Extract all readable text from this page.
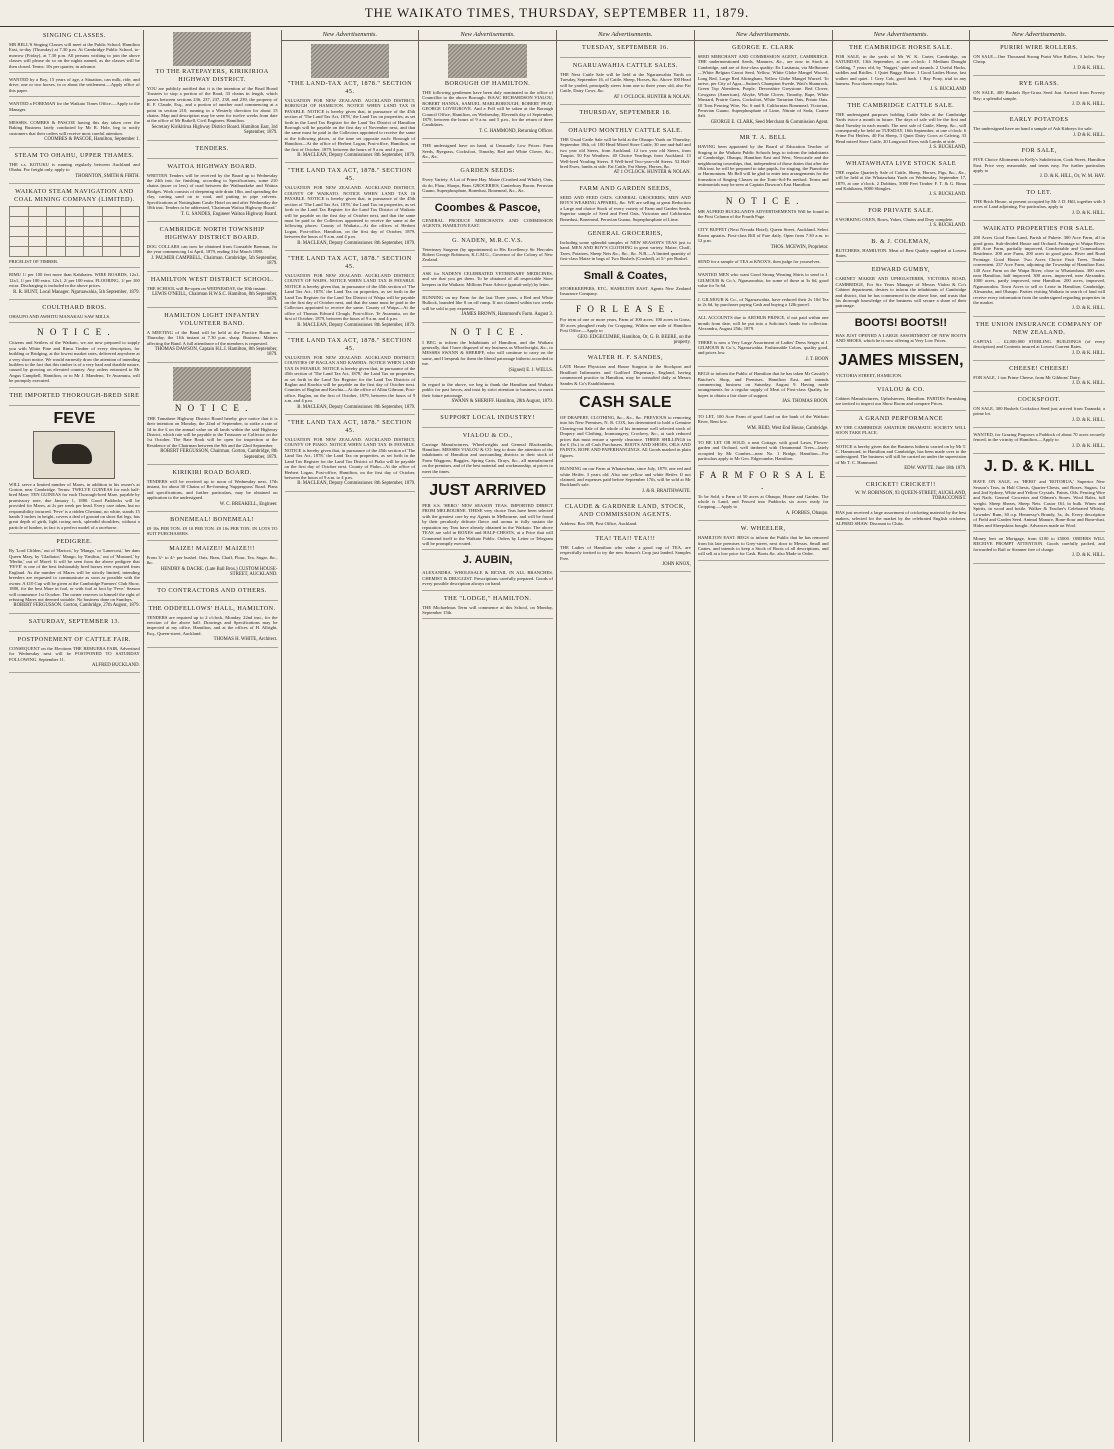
THE WAIKATO TIMES, THURSDAY, SEPTEMBER 11, 1879.
SINGING CLASSES.

MR BELL'S Singing Classes will meet at the Public School, Hamilton East, to-day (Thursday) at 7.30 p.m. At Cambridge Public School, to-morrow (Friday), at 7.30 p.m. All persons wishing to join the above classes will please do so on the nights named, as the classes will be then closed. Terms: 10s per quarter, in advance.

WANTED by a Boy, 15 years of age, a Situation, can milk, ride, and drive, one or two horses, in or about the settlement.—Apply office of this paper.

WANTED a FOREMAN for the Waikato Times Office.—Apply to the Manager.

MESSRS. COMBES & PASCOE having this day taken over the Baking Business lately conducted by Mr R. Hole, beg to notify customers that their orders will receive most careful attention.

COOMBES & PASCOE, Hamilton, September 1.

STEAM TO OHAHU, UPPER THAMES.

THE s.s. KOTUKU is running regularly between Auckland and Ohahu. For freight only, apply to

THORNTON, SMITH & FIRTH.

WAIKATO STEAM NAVIGATION AND COAL MINING COMPANY (LIMITED).

PRICELIST OF TIMBER.

RIMU 1/ per 100 feet more than Kahikatea. WIRE BOARDS, 12x1, 12x1, 1/ per 100 extra. 12x1, 2/ per 100 extra. FLOORING, 1/ per 100 extra. Discharging is included in the above prices.

R. R. HUNT, Local Manager. Ngaruawahia, 5th September, 1879.

COULTHARD BROS.

OHAUPO AND AWHITU MANAKAU SAW MILLS.

N O T I C E .

Citizens and Settlers of the Waikato, we are now prepared to supply you with White Pine and Rimu Timber of every description, for building or Bridging, at the lowest market rates, delivered anywhere at a very short notice. We would earnestly draw the attention of intending builders to the fact that this timber is of a very hard and durable nature, caused by growing on elevated country. Any orders entrusted to Mr Angus Campbell, Hamilton, or to Mr J. Mandeno, Te Awamutu, will be promptly executed.

THE IMPORTED THOROUGH-BRED SIRE
FEVE

WILL serve a limited number of Mares, in addition to his owner's at Gorton, near Cambridge. Terms: TWELVE GUINEAS for each half-bred Mare; TEN GUINEAS for each Thorough-bred Mare, payable by promissory note, due January 1, 1880. Good Paddocks will be provided for Mares, at 2s per week per head. Every care taken, but no responsibility incurred. 'Feve' is a ridden Chestnut, no white, stands 15 hands 3 inches in height, covers a deal of ground on short flat legs, has great depth of girth, light racing neck, splendid shoulders, without a particle of lumber, in fact is a perfect model of a racehorse.

PEDIGREE.

By 'Lord Clifden,' out of 'Haricot,' by 'Mango,' or 'Lanercost,' her dam Queen Mary, by 'Gladiator;' Mango, by 'Emilius,' out of 'Mustard,' by 'Merlin,' out of Morel. It will be seen from the above pedigree that 'FEVE' is one of the best fashionably bred horses ever exported from England. As the number of Mares will be strictly limited, intending breeders are requested to communicate as soon as possible with the owner. A £10 Cup will be given at the Cambridge Farmers' Club Show, 1880, for the best Mare in foal, or with foal at foot by 'Feve.' Season will commence 1st October. The owner reserves to himself the right of refusing Mares not deemed suitable. No business done on Sundays.

ROBERT FERGUSSON. Gorton, Cambridge, 27th August, 1879.

SATURDAY, SEPTEMBER 13.
POSTPONEMENT OF CATTLE FAIR.

CONSEQUENT on the Elections THE REMUERA FAIR, Advertised for Wednesday next will be POSTPONED TO SATURDAY FOLLOWING. September 11.

ALFRED BUCKLAND.

TO THE RATEPAYERS, KIRIKIRIOA HIGHWAY DISTRICT.

YOU are publicly notified that it is the intention of the Road Board Trustees to stop a portion of the Road, 33 chains in length, which passes between sections 236, 237, 237, 238, and 239, the property of R. F. Claude, Esq., and a portion of another road commencing at a point in section 210, running in a Westerly direction for about 15 chains. Map and description may be seen for twelve weeks from date at the office of Mr Brakell, Civil Engineer, Hamilton.

Secretary Kirikiriroa Highway District Board. Hamilton East, 3rd September, 1879.

TENDERS.
WAITOA HIGHWAY BOARD.

WRITTEN Tenders will be received by the Board up to Wednesday the 24th inst. for finishing, according to Specifications, some 210 chains (more or less) of road between the Waiharakeke and Waitoa Bridges. Work consists of deepening side drain 18in. and spreading the clay, carting sand on to road, and putting in pipe culverts. Specifications at Nottingham Castle Hotel on and after Wednesday the 10th inst. Tenders to be addressed, 'Chairman Waitoa Highway Board.'

T. G. SANDES, Engineer Waitoa Highway Board.

CAMBRIDGE NORTH TOWNSHIP HIGHWAY DISTRICT BOARD.

DOG COLLARS can now be obtained from Constable Brennan, for the year commencing 1st April, 1879, ending 31st March 1880.

J. PALMER CAMPBELL, Chairman. Cambridge, 5th September, 1879.

HAMILTON WEST DISTRICT SCHOOL.

THE SCHOOL will Re-open on WEDNESDAY, the 10th instant.

LEWIS O'NEILL, Chairman H.W.S.C. Hamilton, 8th September, 1879.

HAMILTON LIGHT INFANTRY VOLUNTEER BAND.

A MEETING of the Band will be held at the Practice Room on Thursday, the 11th instant at 7.30 p.m. sharp. Business: Matters affecting the Band. A full attendance of the members is requested.

THOMAS DAWSON, Captain H.L.I. Hamilton, 8th September, 1879.

N O T I C E .

THE Tamahere Highway District Board hereby give notice that it is their intention on Monday, the 22nd of September, to strike a rate of 1d in the £ on the annual value on all lands within the said Highway District, which rate will be payable to the Treasurer or Collector on the 1st October. The Rate Book will be open for inspection at the Residence of the Chairman between the 9th and the 22nd September.

ROBERT FERGUSSON, Chairman. Gorton, Cambridge, 8th September, 1879.

KIRIKIRI ROAD BOARD.

TENDERS will be received up to noon of Wednesday next, 17th instant, for about 30 Chains of Re-forming 'Suppergrass' Road. Plans and specifications, and further particulars, may be obtained on application to the undersigned.

W. C. BREAKELL, Engineer.

BONEMEAL! BONEMEAL!

£9 10s PER TON. £9 10 PER TON. £9 10s PER TON. IN LOTS TO SUIT PURCHASERS.

MAIZE! MAIZE!! MAIZE!!!

From 3/- to 4/- per bushel. Oats, Bran, Chaff, Flour, Tea, Sugar, &c., &c.

HENDRY & DACRE. (Late Ball Bros.) CUSTOM HOUSE-STREET, AUCKLAND.

TO CONTRACTORS AND OTHERS.
THE ODDFELLOWS' HALL, HAMILTON.

TENDERS are required up to 2 o'clock, Monday, 22nd inst., for the erection of the above hall. Drawings and Specifications may be inspected at my office, Hamilton, and at the offices of H. Allright, Esq., Queen-street, Auckland.

THOMAS H. WHITE, Architect.

New Advertisements.
"THE LAND-TAX ACT, 1878." SECTION 45.

VALUATION FOR NEW ZEALAND. AUCKLAND DISTRICT, BOROUGH OF HAMILTON. NOTICE WHEN LAND TAX IS PAYABLE. NOTICE is hereby given that, in pursuance of the 45th section of 'The Land Tax Act, 1878,' the Land Tax on properties, as set forth in the Land Tax Register for the Land Tax District of Hamilton Borough will be payable on the first day of November next, and that the same must be paid to the Collectors appointed to receive the same at the following places, at the time set opposite each: Borough of Hamilton—At the office of Herbert Logan, Post-office, Hamilton, on the first of October, 1879, between the hours of 9 a.m. and 4 p.m.

B. MACLEAN, Deputy Commissioner. 8th September, 1879.

"THE LAND TAX ACT, 1878." SECTION 45.

VALUATION FOR NEW ZEALAND. AUCKLAND DISTRICT, COUNTY OF WAIKATO. NOTICE WHEN LAND TAX IS PAYABLE. NOTICE is hereby given that, in pursuance of the 45th section of 'The Land Tax Act, 1878,' the Land Tax on properties, as set forth in the Land Tax Register for the Land Tax District of Waikato will be payable on the first day of October next, and that the same must be paid to the Collectors appointed to receive the same at the following places: County of Waikato—At the offices of Herbert Logan, Post-office, Hamilton, on the first day of October, 1879, between the hours of 9 a.m. and 4 p.m.

B. MACLEAN, Deputy Commissioner. 8th September, 1879.

"THE LAND TAX ACT, 1878." SECTION 45.

VALUATION FOR NEW ZEALAND. AUCKLAND DISTRICT, COUNTY OF WAIPA. NOTICE WHEN LAND TAX IS PAYABLE. NOTICE is hereby given that, in pursuance of the 45th section of 'The Land Tax Act, 1878,' the Land Tax on properties, as set forth in the Land Tax Register for the Land Tax District of Waipa will be payable on the first day of October next, and that the same must be paid to the Collectors appointed to receive the same. County of Waipa—At the office of Thomas Edward Clough, Post-office, Te Awamutu, on the first of October, 1879, between the hours of 9 a.m. and 4 p.m.

B. MACLEAN, Deputy Commissioner. 8th September, 1879.

"THE LAND TAX ACT, 1878." SECTION 45.

VALUATION FOR NEW ZEALAND. AUCKLAND DISTRICT, COUNTIES OF RAGLAN AND KAWHIA. NOTICE WHEN LAND TAX IS PAYABLE. NOTICE is hereby given that, in pursuance of the 45th section of 'The Land Tax Act, 1878,' the Land Tax on properties, as set forth in the Land Tax Register for the Land Tax Districts of Raglan and Kawhia will be payable on the first day of October next. Counties of Raglan and Kawhia—At the office of Allan Gilmour, Post-office, Raglan, on the first of October, 1879, between the hours of 9 a.m. and 4 p.m.

B. MACLEAN, Deputy Commissioner. 8th September, 1879.

"THE LAND TAX ACT, 1878." SECTION 45.

VALUATION FOR NEW ZEALAND. AUCKLAND DISTRICT, COUNTY OF PIAKO. NOTICE WHEN LAND TAX IS PAYABLE. NOTICE is hereby given that, in pursuance of the 45th section of 'The Land Tax Act, 1878,' the Land Tax on properties, as set forth in the Land Tax Register for the Land Tax District of Piako will be payable on the first day of October next. County of Piako—At the office of Herbert Logan, Post-office, Hamilton, on the first day of October, between the hours of 9 a.m. to 4 p.m.

B. MACLEAN, Deputy Commissioner. 8th September, 1879.

New Advertisements.
BOROUGH OF HAMILTON.

THE following gentlemen have been duly nominated to the office of Councillor to the above Borough: ISAAC RICHARDSON VIALOU, ROBERT HANNA, SAMUEL MARLBOROUGH, ROBERT PEAT, GEORGE LOVEGROVE. And a Poll will be taken at the Borough Council Office, Hamilton, on Wednesday, Eleventh day of September, 1879, between the hours of 9 a.m. and 5 p.m., for the return of three Candidates.

T. C. HAMMOND, Returning Officer.

THE undersigned have on hand, at Unusually Low Prices: Farm Seeds, Ryegrass, Cocksfoot, Timothy, Red and White Clover, &c., &c., &c.

GARDEN SEEDS:

Every Variety. A Lot of Prime Hay. Maize (Crushed and Whole), Oats, do do, Flour, Sharps, Bran. GROCERIES, Canterbury Bacon. Peruvian Guano, Superphosphate, Bonedust, Bonemeal, &c., &c.

Coombes & Pascoe,

GENERAL PRODUCE MERCHANTS AND COMMISSION AGENTS, HAMILTON EAST.

G. NADEN, M.R.C.V.S.

Veterinary Surgeon (by appointment) to His Excellency Sir Hercules Robert George Robinson, K.C.M.G., Governor of the Colony of New Zealand.

ASK for NADEN'S CELEBRATED VETERINARY MEDICINES, and see that you get them. To be obtained of all respectable Store keepers in the Waikato. Millions Prize Advice (gratuit-only) by letter.

RUNNING on my Farm for the last Three years, a Red and White Bullock, branded like 8 on off rump. If not claimed within two weeks will be sold to pay expenses.

JAMES BROWN, Hammond's Farm. August 3.

N O T I C E .

I BEG to inform the Inhabitants of Hamilton, and the Waikato generally, that I have disposed of my business as Wheelwright, &c., to MESSRS SWANN & SHERIFF, who will continue to carry on the same, and I bespeak for them the liberal patronage hitherto accorded to me.

(Signed) E. J. WELLS.

In regard to the above, we beg to thank the Hamilton and Waikato public for past favors, and trust by strict attention to business, to merit their future patronage.

SWANN & SHERIFF. Hamilton, 28th August, 1879.

SUPPORT LOCAL INDUSTRY!
VIALOU & CO.,

Carriage Manufacturers, Wheelwrights and General Blacksmiths, Hamilton. MESSRS VIALOU & CO. beg to draw the attention of the inhabitants of Hamilton and surrounding districts to their stock of Farm Waggons, Buggies, Spring Carts, Drays, &c., all manufactured on the premises, and of the best material and workmanship, at prices to meet the times.

JUST ARRIVED

PER S.S. 'HERO.' NEW SEASON TEAS. IMPORTED DIRECT FROM MELBOURNE. THESE very choice Teas have been selected with the greatest care by my Agents in Melbourne, and will be found by their peculiarly delicate flavor and aroma to fully sustain the reputation my Teas have already obtained in the Waikato. The above TEAS are sold in BOXES and HALF-CHESTS, at a Price that will Commend itself to the Waikato Public. Orders by Letter or Telegram will be promptly executed.

J. AUBIN,

ALEXANDRA. WHOLESALE & RETAIL IN ALL BRANCHES. CHEMIST & DRUGGIST. Prescriptions carefully prepared. Goods of every possible description always on hand.

THE "LODGE," HAMILTON.

THE Michaelmas Term will commence at this School, on Monday, September 15th.

New Advertisements.
TUESDAY, SEPTEMBER 16.
NGARUAWAHIA CATTLE SALES.

THE Next Cattle Sale will be held at the Ngaruawahia Yards on Tuesday, September 16, of Cattle, Sheep, Horses, &c. Above 100 Head will be yarded, principally steers from one to three years old, also Fat Cattle, Dairy Cows, &c.

AT 1 O'CLOCK. HUNTER & NOLAN.

THURSDAY, SEPTEMBER 18.
OHAUPO MONTHLY CATTLE SALE.

THE Usual Cattle Sale will be held at the Ohaupo Yards on Thursday, September 18th, of: 100 Head Mixed Store Cattle, 30 one and-half and two year old Steers, from Auckland. 12 two year old Steers, from Tuupiri. 50 Fat Weathers. 40 Choice Yearlings from Auckland. 13 Well-bred Yearling Steers. 8 Well-bred Two-year-old Steers. 52 Half-bred Ewes, lambs at side. Fat Cattle, Fat Sheep, Horses, &c.

AT 1 O'CLOCK. HUNTER & NOLAN.

FARM AND GARDEN SEEDS,

SEED AND FEED OATS. GENERAL GROCERIES, MEN AND BOY'S WEARING APPAREL, &c. WE are selling at great Reduction a Large and choice Stock of every variety of Farm and Garden Seeds. Superior sample of Seed and Feed Oats, Victorian and Californian Bonedust, Bonemeal, Peruvian Guano, Superphosphate of Lime.

GENERAL GROCERIES,

Including some splendid samples of NEW SEASON'S TEAS just to hand. MEN AND BOY'S CLOTHING in great variety. Maize, Chaff, Tares, Potatoes, Sheep Nets &c., &c., &c. N.B.—A limited quantity of first-class Maize in bags of Two Bushels (Crushed), at 5/- per Bushel.

Small & Coates,

STOREKEEPERS, ETC., HAMILTON EAST. Agents New Zealand Insurance Company.

F O R L E A S E .

For term of one or more years, Farm of 300 acres. 100 acres in Grass, 30 acres ploughed ready for Cropping. Within one mile of Hamilton Post Office.—Apply to

GEO. EDGECUMBE, Hamilton, Or, G. B. BEERE, on the property.

WALTER H. F. SANDES,

LATE House Physician and House Surgeon to the Stockport and Bradford Infirmaries and Guilford Dispensary, England, having commenced practice in Hamilton, may be consulted daily at Messrs Sandes & Co's Establishment.

CASH SALE

OF DRAPERY, CLOTHING, &c., &c., &c. PREVIOUS to removing into his New Premises, N. R. COX, has determined to hold a Genuine Clearing-out Sale of the whole of his immense well selected stock of Drapery and Clothing, Ironmongery, Crockery, &c., at such reduced prices that must ensure a speedy clearance. THREE SHILLINGS in the £ (3s.) to all Cash Purchasers. BOOTS AND SHOES, OILS AND PAINTS, ROPE AND PAPERHANGINGS. All Goods marked in plain figures.

RUNNING on our Farm at Whatawhata, since July, 1879, one red and white Heifer, 3 years old. Also one yellow and white Heifer. If not claimed, and expenses paid before September 17th, will be sold at Mr Buckland's sale.

J. & R. BRAITHWAITE.

CLAUDE & GARDNER LAND, STOCK, AND COMMISSION AGENTS.

Address: Box 399, Post Office, Auckland.

TEA! TEA!! TEA!!!

THE Ladies of Hamilton who value a good cup of TEA, are respectfully invited to try the new Season's Crop just landed. Samples Free.

JOHN KNOX,

New Advertisements.
GEORGE E. CLARK

SEED MERCHANT AND COMMISSION AGENT, CAMBRIDGE. THE undermentioned Seeds, Manures, &c., are now in Stock at Cambridge, and are of first-class quality: Ex Lusitania, via Melbourne—White Belgian Carrot Seed, Yellow, White Globe Mangel Wurzel, Long Red, Large Red Altringham, Yellow Globe Mangel Wurzel. To arrive, per City of Agra—Sutton's Champion Swede, Watt's Shamrock, Green Top Aberdeen, Purple, Devonshire Greystone. Red Clover, Cowgrass (American), Alsyke, White Clover, Timothy, Rape, White Mustard, Prairie Grass, Cocksfoot, White Tartarian Oats, Potato Oats. 10 Tons Fencing Wire, No. 6 and 8. Californian Bonemeal, Victorian, Peruvian Guano, Superphosphate of Lime, Nitrate of Soda, Coarse Salt.

GEORGE E. CLARK, Seed Merchant & Commission Agent.

MR T. A. BELL

HAVING been appointed by the Board of Education Teacher of Singing to the Waikato Public Schools begs to inform the inhabitants of Cambridge, Ohaupo, Hamilton East and West, Newcastle and the neighbouring townships, that, independent of those duties that after the 18th inst. he will be prepared to take pupils, for singing, the Pianoforte or Harmonium. Mr Bell will be glad to enter into arrangements for the formation of Singing Classes on the Tonic-Sol-Fa method. Terms and testimonials may be seen at Captain Dawson's East Hamilton.

N O T I C E .

MR ALFRED BUCKLAND'S ADVERTISEMENTS Will be found in the First Column of the Fourth Page.

CITY BUFFET (Next Nevada Hotel), Queen Street, Auckland. Select Room upstairs. First-class Bill of Fare daily. Open from 7.30 a.m. to 12 p.m.

THOS. MCEWIN, Proprietor.

SEND for a sample of TEA at KNOX'S, then judge for yourselves.

WANTED MEN who want Good Strong Wearing Shirts to send to J. GILMOUR & Co.'s, Ngaruawahia, for some of those at 3s 6d, good value for 5s 6d.

J. GILMOUR & Co., of Ngaruawahia, have reduced their 2s 10d Tea to 2s 6d, by purchaser paying Cash and buying a 12lb parcel.

ALL ACCOUNTS due to ARTHUR PRINCE, if not paid within one month from date, will be put into a Solicitor's hands for collection. Alexandra, August 25th, 1879.

THERE is now a Very Large Assortment of Ladies' Dress Serges at J. GILMOUR & Co.'s, Ngaruawahia. Fashionable Colors, quality good, and prices low.

J. T. BOON

BEGS to inform the Public of Hamilton that he has taken Mr Cassidy's Butcher's Shop, and Premises, Hamilton East, and intends commencing business on Saturday, August 9. Having made arrangements for a regular supply of Meat of First-class Quality, he hopes to obtain a fair share of support.

JAS. THOMAS BOON.

TO LET, 100 Acre Farm of good Land on the bank of the Waikato River, Rent low.

WM. REID, West End House, Cambridge.

TO BE LET OR SOLD, a neat Cottage, with good Lawn, Flower-garden and Orchard, well timbered with Ornamental Trees—lately occupied by Mr Combes—near No. 1 Bridge, Hamilton—For particulars apply to Mr Geo. Edgecumbe, Hamilton.

F A R M F O R S A L E .

To be Sold, a Farm of 50 acres at Ohaupo, House and Garden. The whole is Land, and Fenced into Paddocks six acres ready for Cropping.—Apply to

A. FORBES, Ohaupo.

W. WHEELER,

HAMILTON EAST. BEGS to inform the Public that he has removed from his late premises to Grey-street, next door to Messrs. Small and Coates, and intends to keep a Stock of Boots of all descriptions, and will sell at a low price for Cash. Boots &c. also Made to Order.

New Advertisements.
THE CAMBRIDGE HORSE SALE.

FOR SALE, in the yards of Mr W. K. Carter, Cambridge, on SATURDAY, 13th September, at one o'clock: 1 Medium Draught Gelding, 7 years old, by 'Nugget,' quiet and staunch. 2 Useful Hacks, saddles and Bridles. 1 Quiet Buggy Horse. 1 Good Ladies Horse, fast walker and quiet. 1 Grey Cob, good hack. 1 Bay Pony, trial in any harness. Four dozen empty Sacks.

J. S. BUCKLAND

THE CAMBRIDGE CATTLE SALE.

THE undersigned purposes holding Cattle Sales at the Cambridge Yards twice a month in future. The days of sale will be the first and third Tuesday in each month. The next sale of Cattle, Sheep, &c., will consequently be held on TUESDAY, 16th September, at one o'clock: 6 Prime Fat Heifers, 40 Fat Sheep, 3 Quiet Dairy Cows at Calving, 33 Head mixed Store Cattle, 20 Longwool Ewes with Lambs at side.

J. S. BUCKLAND,

WHATAWHATA LIVE STOCK SALE

THE regular Quarterly Sale of Cattle, Sheep, Horses, Pigs, &c., &c., will be held at the Whatawhata Yards on Wednesday, September 17, 1879, at one o'clock. 2 Dobbins, 5000 Feet Timber F. T. & G. Rimu and Kahikatea, 8000 Shingles.

J. S. BUCKLAND.

FOR PRIVATE SALE.

8 WORKING OXEN, Bows, Yokes, Chains and Dray complete.

J. S. BUCKLAND.

B. & J. COLEMAN,

BUTCHERS, HAMILTON. Meat of Best Quality supplied at Lowest Rates.

EDWARD GUMBY,

CABINET MAKER AND UPHOLSTERER, VICTORIA ROAD, CAMBRIDGE, For Six Years Manager of Messrs Vialou & Co's Cabinet department, desires to inform the inhabitants of Cambridge and district, that he has commenced in the above line, and trusts that his thorough knowledge of the business will secure a share of their patronage.

BOOTS! BOOTS!!

HAS JUST OPENED A LARGE ASSORTMENT OF NEW BOOTS AND SHOES, which he is now offering at Very Low Prices.

JAMES MISSEN,

VICTORIA STREET, HAMILTON.

VIALOU & CO.

Cabinet Manufacturers, Upholsterers, Hamilton. PARTIES Furnishing are invited to inspect our Show Room and compare Prices.

A GRAND PERFORMANCE

BY THE CAMBRIDGE AMATEUR DRAMATIC SOCIETY WILL SOON TAKE PLACE.

NOTICE is hereby given that the Business hitherto carried on by Mr T. C. Hammond, in Hamilton and Cambridge, has been made over to the undersigned. The business will still be carried on under the supervision of Mr T. C. Hammond.

EDW. WAYTE. June 18th 1879.

CRICKET! CRICKET!!

W. W. ROBINSON, 93 QUEEN-STREET, AUCKLAND, TOBACCONIST.

HAS just received a large assortment of cricketing material by the best makers, selected for the market by the celebrated English cricketer, ALFRED SHAW. Discount to Clubs.

New Advertisements.
PURIRI WIRE ROLLERS.

ON SALE—One Thousand Strong Puriri Wire Rollers, 3 holes. Very Cheap.

J. D & K. HILL.

RYE GRASS.

ON SALE, 400 Bushels Rye-Grass Seed Just Arrived from Poverty Bay; a splendid sample.

J. D. & K. HILL.

EARLY POTATOES

The undersigned have on hand a sample of Ash Kidneys for sale.

J. D & K. HILL.

FOR SALE,

FIVE Choice Allotments in Kelly's Subdivision, Cook Street, Hamilton East. Price very reasonable, and terms easy. For further particulars apply to

J. D. & K. HILL, Or, W. M. HAY.

TO LET.

THE Brick House, at present occupied by Mr J. D. Hill, together with 3 acres of Land adjoining. For particulars, apply to

J. D. & K. HILL.

WAIKATO PROPERTIES FOR SALE.

200 Acres Good Farm Land, Parish of Pukete. 300 Acre Farm, all in good grass. Sub-divided House and Orchard. Frontage to Waipa River. 400 Acre Farm, partially improved, Comfortable and Commodious Residence. 200 acre Farm, 200 acres in good grass. River and Road Frontage. Good House. Two Acres Choice Fruit Trees. Timber convenient. 237 Acre Farm, adjoining the Township of Hamilton East. 140 Acre Farm on the Waipa River, close to Whatawhata. 300 acres near Hamilton, half improved. 300 acres, improved, near Alexandra. 1000 acres, partly improved, near Hamilton. 200 acres, improved, Ngaruawahia. Town Acres to sell or Lease in Hamilton, Cambridge, Alexandra, and Ohaupo. Parties visiting Waikato in search of land will receive every information from the undersigned regarding properties in the market.

J. D. & K. HILL.

THE UNION INSURANCE COMPANY OF NEW ZEALAND.

CAPITAL ... £2,000,000 STERLING. BUILDINGS (of every description) and Contents insured at Lowest Current Rates.

J. D. & K. HILL.

CHEESE! CHEESE!

FOR SALE, 1 ton Prime Cheese, from Mr Gibbons' Dairy.

J. D. & K. HILL.

COCKSFOOT.

ON SALE, 300 Bushels Cocksfoot Seed just arrived from Taranaki; a prime lot.

J. D. & K. HILL.

WANTED, for Grazing Purposes a Paddock of about 70 acres securely fenced, in the vicinity of Hamilton.—Apply to

J. D. & K. HILL.

J. D. & K. HILL

HAVE ON SALE, ex 'HERO' and 'ROTORUA,' Superior New Season's Teas, in Half Chests, Quarter-Chests, and Boxes. Sugars, 1st and 2nd Sydney, White and Yellow Crystals. Paints, Oils. Fencing Wire and Nails. General Groceries and Oilmen's Stores. Wool Bales, full weight. Sheep Shears, Sheep Nets. Castor Oil, in bulk. Wines and Spirits, in wood and bottle. Walker & Teacher's Celebrated Whisky. Lowndes' Rum, 30 o.p. Hennessy's Brandy, 3x, 4x. Every description of Field and Garden Seed. Animal Manure, Bone-flour and Bone-dust. Hides and Sheepskins bought. Advances made on Wool.

Money lent on Mortgage, from £100 to £5000. ORDERS WILL RECEIVE PROMPT ATTENTION. Goods carefully packed, and forwarded to Rail or Steamer free of charge.

J. D. & K. HILL.
